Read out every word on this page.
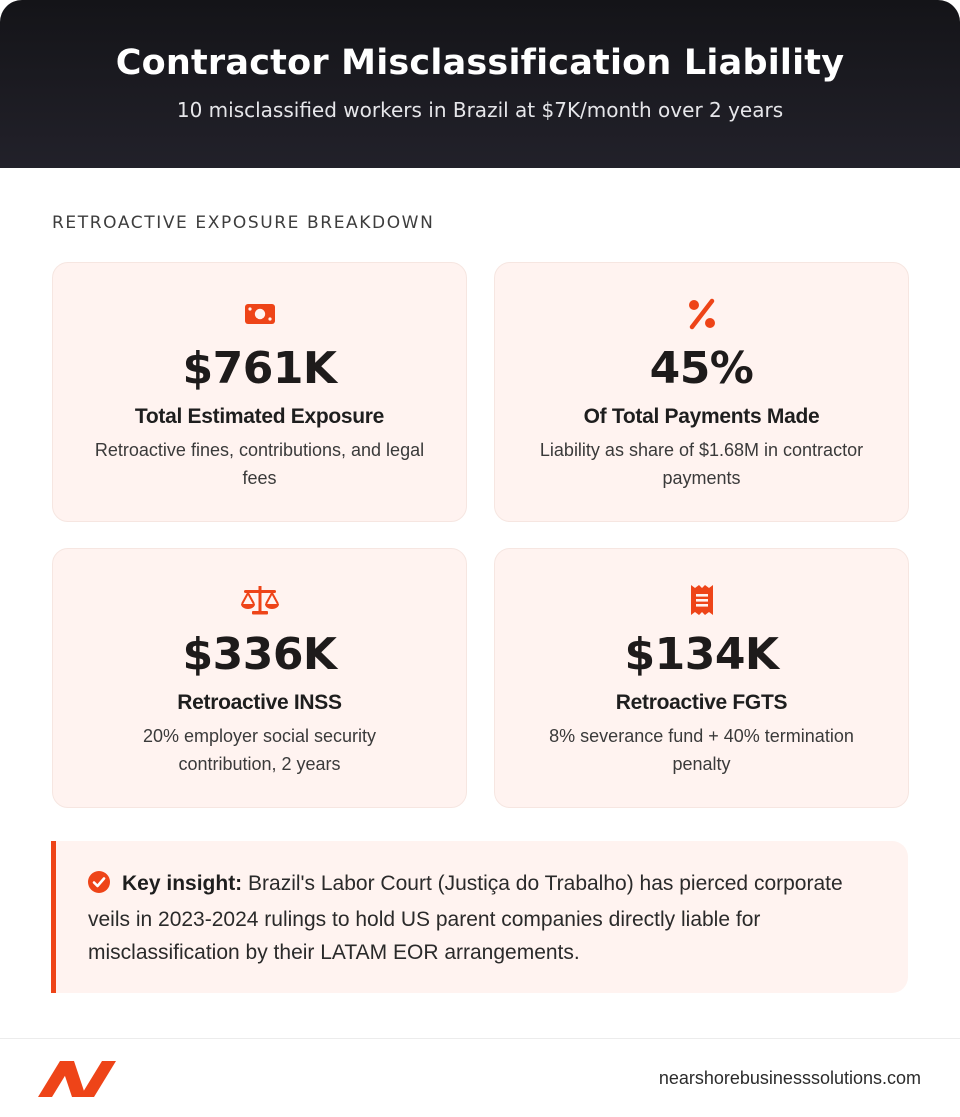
Contractor Misclassification Liability
10 misclassified workers in Brazil at $7K/month over 2 years
RETROACTIVE EXPOSURE BREAKDOWN
$761K
Total Estimated Exposure
Retroactive fines, contributions, and legal fees
45%
Of Total Payments Made
Liability as share of $1.68M in contractor payments
$336K
Retroactive INSS
20% employer social security contribution, 2 years
$134K
Retroactive FGTS
8% severance fund + 40% termination penalty
Key insight: Brazil's Labor Court (Justiça do Trabalho) has pierced corporate veils in 2023-2024 rulings to hold US parent companies directly liable for misclassification by their LATAM EOR arrangements.
nearshorebusinesssolutions.com
